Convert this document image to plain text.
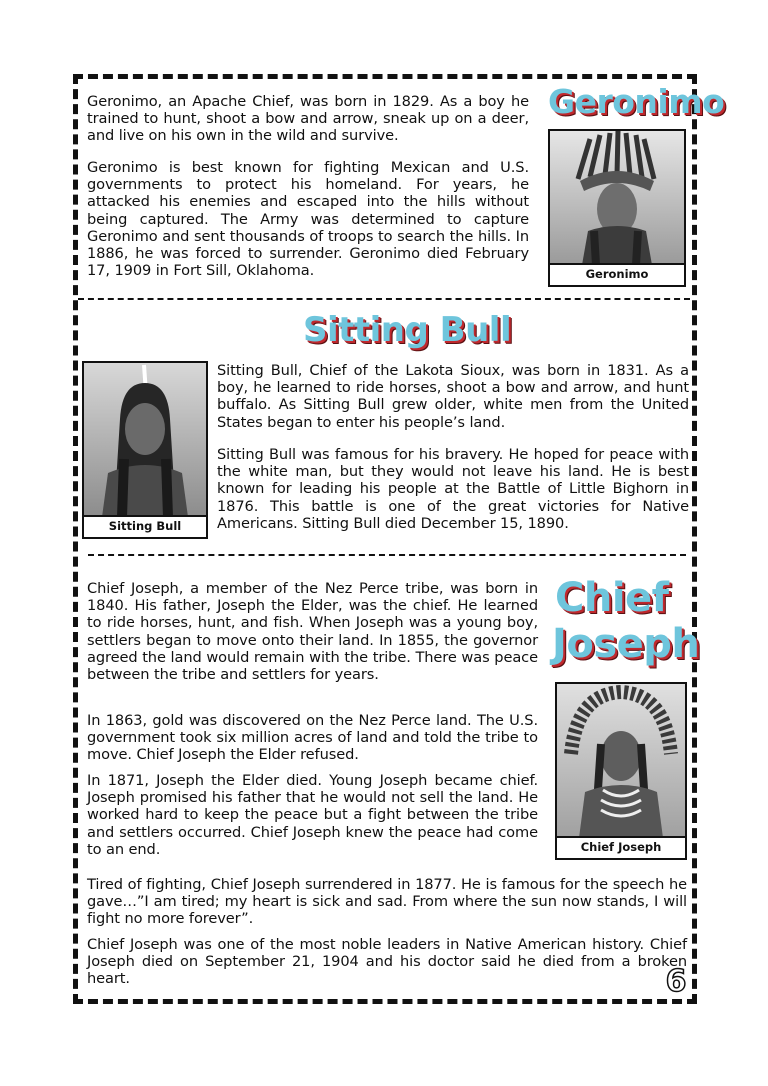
Geronimo

Geronimo, an Apache Chief, was born in 1829. As a boy he trained to hunt, shoot a bow and arrow, sneak up on a deer, and live on his own in the wild and survive.

Geronimo is best known for fighting Mexican and U.S. governments to protect his homeland. For years, he attacked his enemies and escaped into the hills without being captured. The Army was determined to capture Geronimo and sent thousands of troops to search the hills. In 1886, he was forced to surrender. Geronimo died February 17, 1909 in Fort Sill, Oklahoma.	Geronimo
Sitting Bull
Sitting Bull

Sitting Bull, Chief of the Lakota Sioux, was born in 1831. As a boy, he learned to ride horses, shoot a bow and arrow, and hunt buffalo. As Sitting Bull grew older, white men from the United States began to enter his people’s land.

Sitting Bull was famous for his bravery. He hoped for peace with the white man, but they would not leave his land. He is best known for leading his people at the Battle of Little Bighorn in 1876. This battle is one of the great victories for Native Americans. Sitting Bull died December 15, 1890.

Chief
Joseph

Chief Joseph, a member of the Nez Perce tribe, was born in 1840. His father, Joseph the Elder, was the chief. He learned to ride horses, hunt, and fish. When Joseph was a young boy, settlers began to move onto their land. In 1855, the governor agreed the land would remain with the tribe. There was peace between the tribe and settlers for years.

In 1863, gold was discovered on the Nez Perce land. The U.S. government took six million acres of land and told the tribe to move. Chief Joseph the Elder refused.

In 1871, Joseph the Elder died. Young Joseph became chief. Joseph promised his father that he would not sell the land. He worked hard to keep the peace but a fight between the tribe and settlers occurred. Chief Joseph knew the peace had come to an end.	Chief Joseph

Tired of fighting, Chief Joseph surrendered in 1877. He is famous for the speech he gave…”I am tired; my heart is sick and sad. From where the sun now stands, I will fight no more forever”.

Chief Joseph was one of the most noble leaders in Native American history. Chief Joseph died on September 21, 1904 and his doctor said he died from a broken heart.	6
